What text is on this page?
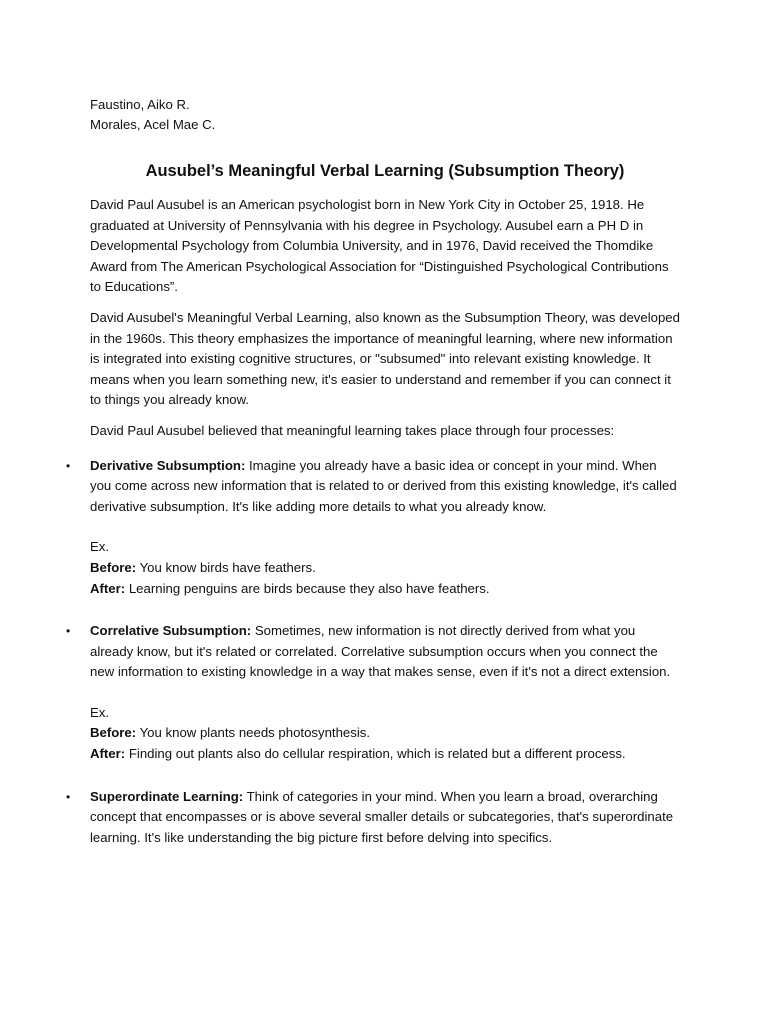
Faustino, Aiko R.
Morales, Acel Mae C.
Ausubel’s Meaningful Verbal Learning (Subsumption Theory)

David Paul Ausubel is an American psychologist born in New York City in October 25, 1918. He graduated at University of Pennsylvania with his degree in Psychology. Ausubel earn a PH D in Developmental Psychology from Columbia University, and in 1976, David received the Thomdike Award from The American Psychological Association for “Distinguished Psychological Contributions to Educations”.

David Ausubel's Meaningful Verbal Learning, also known as the Subsumption Theory, was developed in the 1960s. This theory emphasizes the importance of meaningful learning, where new information is integrated into existing cognitive structures, or "subsumed" into relevant existing knowledge. It means when you learn something new, it's easier to understand and remember if you can connect it to things you already know.

David Paul Ausubel believed that meaningful learning takes place through four processes:

• Derivative Subsumption: Imagine you already have a basic idea or concept in your mind. When you come across new information that is related to or derived from this existing knowledge, it's called derivative subsumption. It's like adding more details to what you already know.
Ex.
Before: You know birds have feathers.
After: Learning penguins are birds because they also have feathers.
• Correlative Subsumption: Sometimes, new information is not directly derived from what you already know, but it's related or correlated. Correlative subsumption occurs when you connect the new information to existing knowledge in a way that makes sense, even if it's not a direct extension.
Ex.
Before: You know plants needs photosynthesis.
After: Finding out plants also do cellular respiration, which is related but a different process.
• Superordinate Learning: Think of categories in your mind. When you learn a broad, overarching concept that encompasses or is above several smaller details or subcategories, that's superordinate learning. It's like understanding the big picture first before delving into specifics.
